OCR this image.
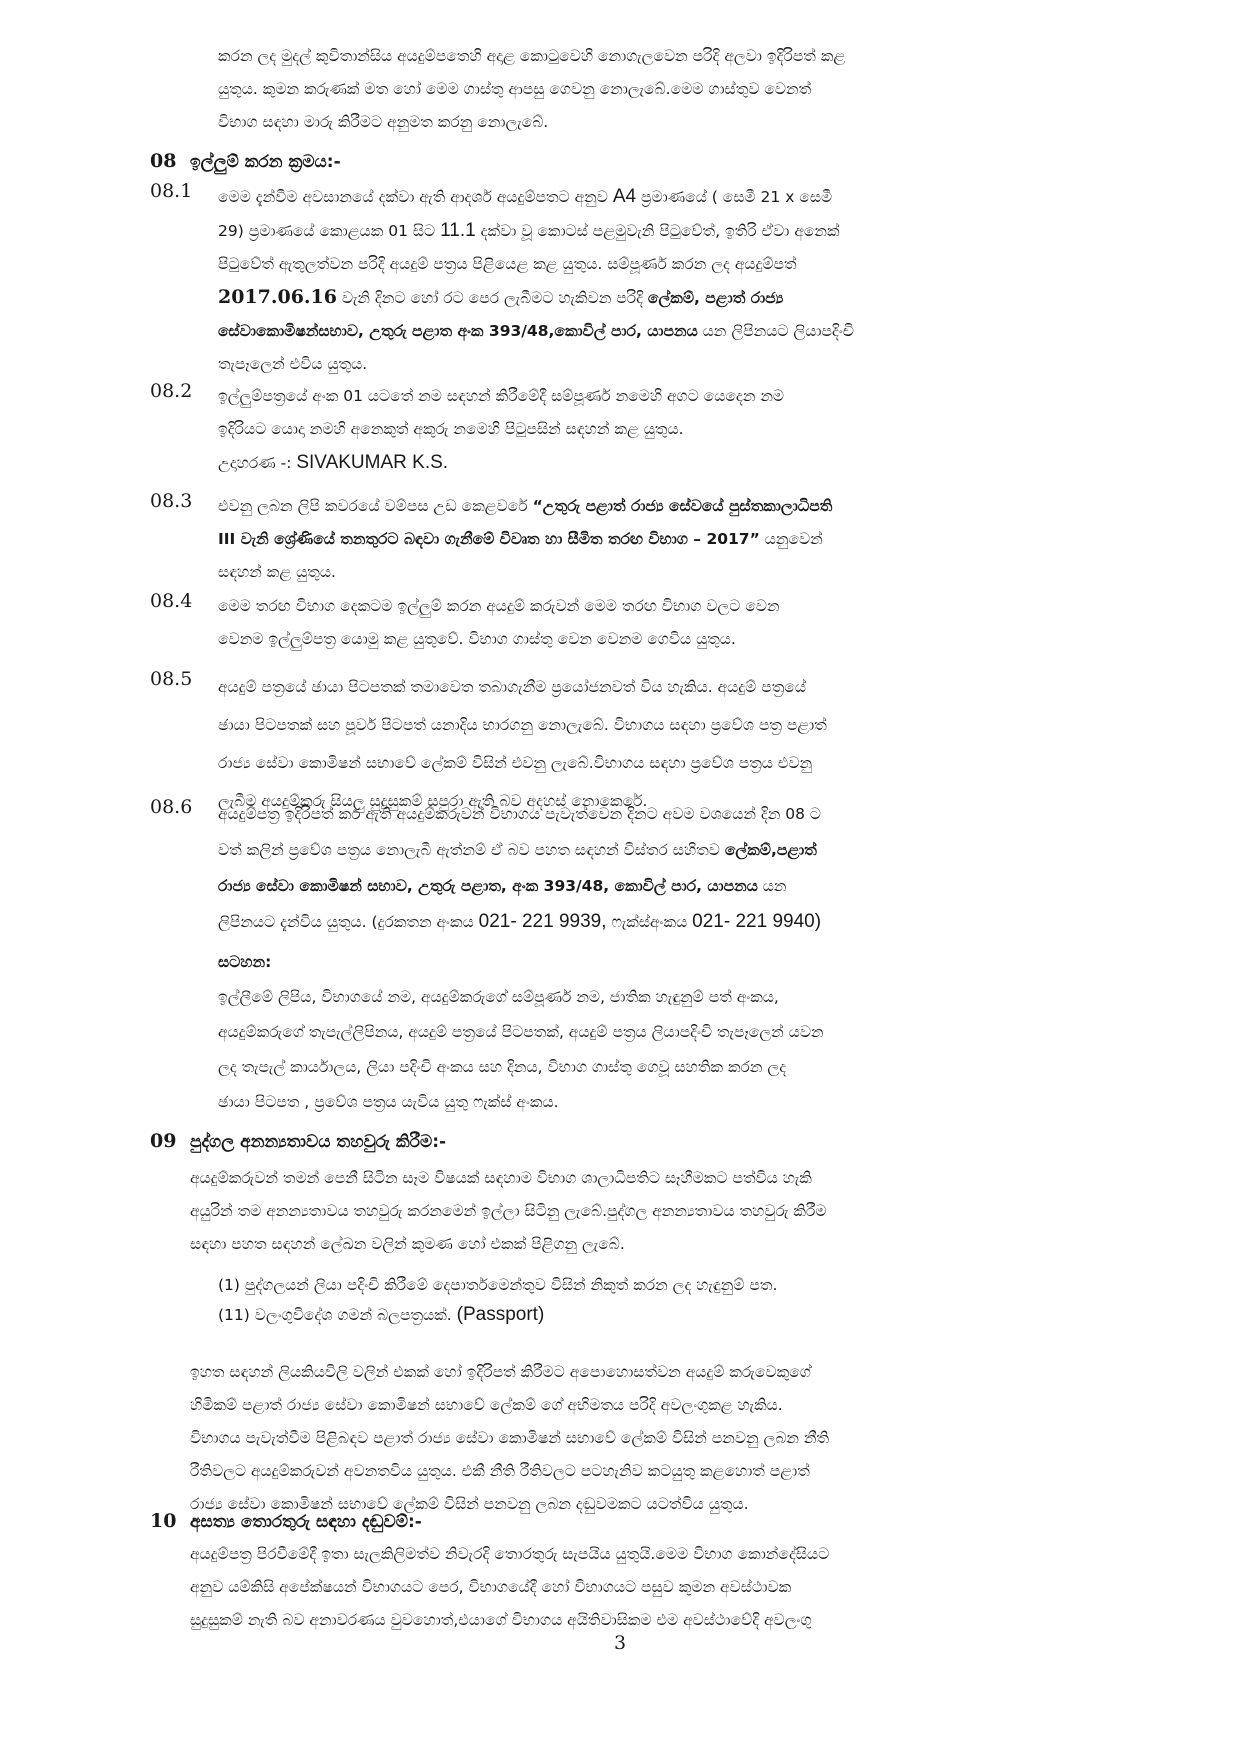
කරන ලද මුදල් කුවිතාන්සිය අයදුම්පතෙහි අදාළ කොටුවෙහි නොගැලවෙන පරිදි අලවා ඉදිරිපත් කළ
යුතුය. කුමන කරුණක් මත හෝ මෙම ගාස්තු ආපසු ගෙවනු නොලැබේ.මෙම ගාස්තුව වෙනත්
විභාග සඳහා මාරු කිරීමට අනුමත කරනු නොලැබේ.
08 ඉල්ලුම් කරන ක්‍රමය:-
08.1 මෙම දැන්වීම අවසානයේ දක්වා ඇති ආදර්ශ අයදුම්පතට අනුව A4 ප්‍රමාණයේ ( සෙමී 21 x සෙමී
29) ප්‍රමාණයේ කොළයක 01 සිට 11.1 දක්වා වූ කොටස් පළමුවැනි පිටුවේත්, ඉතිරි ඒවා අනෙක්
පිටුවේත් ඇතුලත්වන පරිදි අයදුම් පත්‍රය පිළියෙළ කළ යුතුය. සම්පූර්ණ කරන ලද අයදුම්පත්
2017.06.16 වැනි දිනට හෝ රට පෙර ලැබීමට හැකිවන පරිදි ලේකම්, පළාත් රාජ්‍ය
සේවාකොමිෂන්සභාව, උතුරු පළාත අංක 393/48,කොවිල් පාර, යාපනය යන ලිපිනයට ලියාපදිංචි
තැපෑලෙන් එවිය යුතුය.
08.2 ඉල්ලුම්පත්‍රයේ අංක 01 යටතේ නම සඳහන් කිරීමේදී සම්පූර්ණ නමෙහි අගට යෙදෙන නම
ඉදිරියට යොදා නමහි අනෙකුත් අකුරු නමෙහි පිටුපසින් සඳහන් කළ යුතුය.
උදාහරණ -: SIVAKUMAR K.S.
08.3 එවනු ලබන ලිපි කවරයේ වම්පස උඩ කෙළවරේ “උතුරු පළාත් රාජ්‍ය සේවයේ පුස්තකාලාධිපති
III වැනි ශ්‍රේණියේ තනතුරට බඳවා ගැනීමේ විවෘත හා සීමිත තරඟ විභාග – 2017” යනුවෙන්
සඳහන් කළ යුතුය.
08.4 මෙම තරඟ විභාග දෙකටම ඉල්ලුම් කරන අයදුම් කරුවන් මෙම තරඟ විභාග වලට වෙන
වෙනම ඉල්ලුම්පත්‍ර යොමු කළ යුතුවේ. විභාග ගාස්තු වෙන වෙනම ගෙවිය යුතුය.
08.5 අයදුම් පත්‍රයේ ඡායා පිටපතක් තමාවෙත තබාගැනීම ප්‍රයෝජනවත් විය හැකිය. අයදුම් පත්‍රයේ
ඡායා පිටපතක් සහ පූර්ව පිටපත් යනාදිය භාරගනු නොලැබේ. විභාගය සඳහා ප්‍රවේශ පත්‍ර පළාත්
රාජ්‍ය සේවා කොමිෂන් සභාවේ ලේකම් විසින් එවනු ලැබේ.විභාගය සඳහා ප්‍රවේශ පත්‍රය එවනු
ලැබීම අයදුම්කරු සියලු සුදුසුකම් සපුරා ඇති බව අදහස් නොකෙරේ.
08.6 අයදුම්පත්‍ර ඉදිරිපත් කර ඇති අයදුම්කරුවන් විභාගය පැවැත්වෙන දිනට අවම වශයෙන් දින 08 ට
වත් කලින් ප්‍රවේශ පත්‍රය නොලැබී ඇත්නම් ඒ බව පහත සඳහන් විස්තර සහිතව ලේකම්,පළාත්
රාජ්‍ය සේවා කොමිෂන් සභාව, උතුරු පළාත, අංක 393/48, කොවිල් පාර, යාපනය යන
ලිපිනයට දැන්විය යුතුය. (දුරකතන අංකය 021- 221 9939, ෆැක්ස්අංකය 021- 221 9940)
සටහන:
ඉල්ලීමේ ලිපිය, විභාගයේ නම, අයදුම්කරුගේ සම්පූර්ණ නම, ජාතික හැඳුනුම් පත් අංකය,
අයදුම්කරුගේ තැපැල්ලිපිනය, අයදුම් පත්‍රයේ පිටපතක්, අයදුම් පත්‍රය ලියාපදිංචි තැපෑලෙන් යවන
ලද තැපැල් කාර්යාලය, ලියා පදිංචි අංකය සහ දිනය, විභාග ගාස්තු ගෙවූ සහතික කරන ලද
ඡායා පිටපත , ප්‍රවේශ පත්‍රය යැවිය යුතු ෆැක්ස් අංකය.
09 පුද්ගල අනන්‍යතාවය තහවුරු කිරීම:-
අයදුම්කරුවන් තමන් පෙනී සිටින සෑම විෂයක් සඳහාම විභාග ශාලාධිපතිට සෑහීමකට පත්විය හැකි
අයුරින් තම අනන්‍යතාවය තහවුරු කරනමෙන් ඉල්ලා සිටිනු ලැබේ.පුද්ගල අනන්‍යතාවය තහවුරු කිරීම
සඳහා පහත සඳහන් ලේඛන වලින් කුමණ හෝ එකක් පිළිගනු ලැබේ.
(1) පුද්ගලයන් ලියා පදිංචි කිරීමේ දෙපාර්තමෙන්තුව විසින් නිකුත් කරන ලද හැඳුනුම් පත.
(11) වලංගුවිදේශ ගමන් බලපත්‍රයක්. (Passport)
ඉහත සඳහන් ලියකියවිලි වලින් එකක් හෝ ඉදිරිපත් කිරීමට අපොහොසත්වන අයදුම් කරුවෙකුගේ
හිමිකම් පළාත් රාජ්‍ය සේවා කොමිෂන් සභාවේ ලේකම් ගේ අභිමතය පරිදි අවලංගුකළ හැකිය.
විභාගය පැවැත්වීම පිළිබඳව පළාත් රාජ්‍ය සේවා කොමිෂන් සභාවේ ලේකම් විසින් පනවනු ලබන නීති
රීතිවලට අයදුම්කරුවන් අවනතවිය යුතුය. එකී නීති රීතිවලට පටහැනිව කටයුතු කළහොත් පළාත්
රාජ්‍ය සේවා කොමිෂන් සභාවේ ලේකම් විසින් පනවනු ලබන දඬුවමකට යටත්විය යුතුය.
10 අසත්‍ය තොරතුරු සඳහා දඬුවම්:-
අයදුම්පත්‍ර පිරවීමේදී ඉතා සැලකිලිමත්ව නිවැරදි තොරතුරු සැපයිය යුතුයි.මෙම විභාග කොන්දේසියට
අනුව යම්කිසි අපේක්ෂයන් විභාගයට පෙර, විභාගයේදී හෝ විභාගයට පසුව කුමන අවස්ථාවක
සුදුසුකම් නැති බව අනාවරණය වුවහොත්,එයාගේ විභාගය අයිතිවාසිකම එම අවස්ථාවේදි අවලංගු
3
